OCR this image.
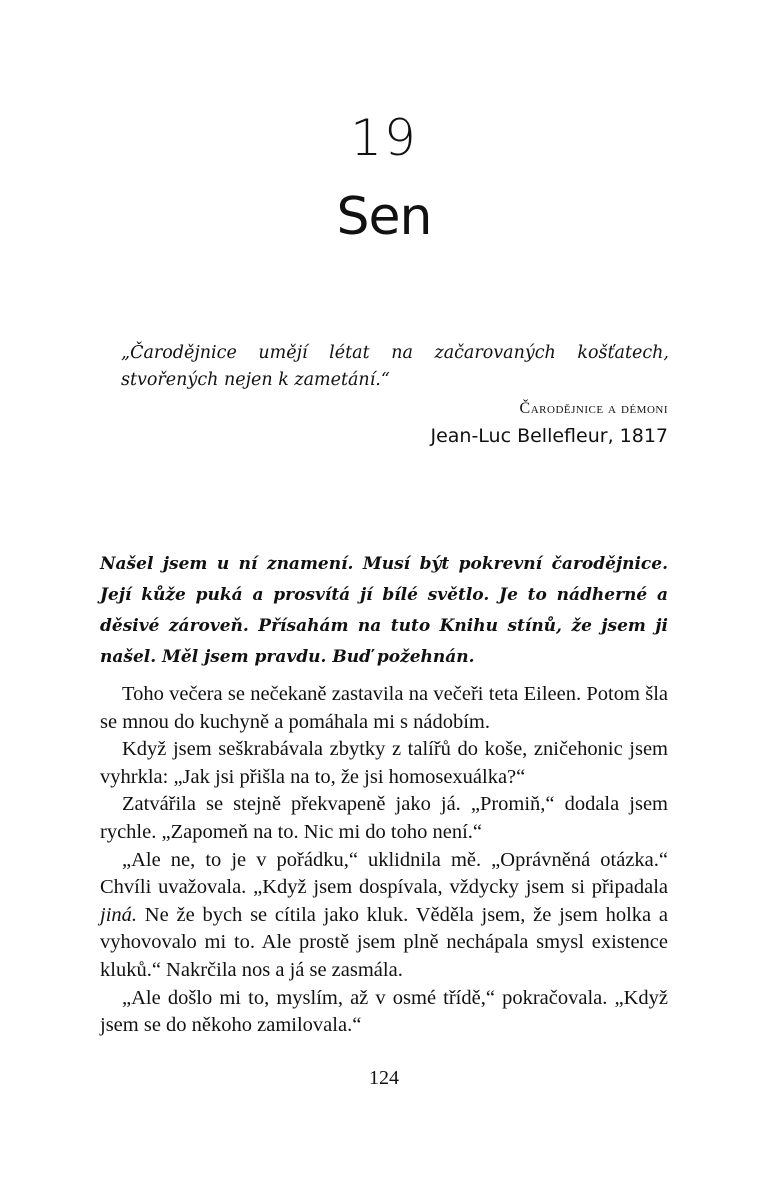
19
Sen
„Čarodějnice umějí létat na začarovaných košťatech, stvořených nejen k zametání.“
Čarodějnice a démoni
Jean-Luc Bellefleur, 1817

Našel jsem u ní znamení. Musí být pokrevní čarodějnice. Její kůže puká a prosvítá jí bílé světlo. Je to nádherné a děsivé zároveň. Přísahám na tuto Knihu stínů, že jsem ji našel. Měl jsem pravdu. Buď požehnán.

Toho večera se nečekaně zastavila na večeři teta Eileen. Potom šla se mnou do kuchyně a pomáhala mi s nádobím.

Když jsem seškrabávala zbytky z talířů do koše, zničehonic jsem vyhrkla: „Jak jsi přišla na to, že jsi homosexuálka?“

Zatvářila se stejně překvapeně jako já. „Promiň,“ dodala jsem rychle. „Zapomeň na to. Nic mi do toho není.“

„Ale ne, to je v pořádku,“ uklidnila mě. „Oprávněná otázka.“ Chvíli uvažovala. „Když jsem dospívala, vždycky jsem si připadala jiná. Ne že bych se cítila jako kluk. Věděla jsem, že jsem holka a vyhovovalo mi to. Ale prostě jsem plně nechápala smysl existence kluků.“ Nakrčila nos a já se zasmála.

„Ale došlo mi to, myslím, až v osmé třídě,“ pokračovala. „Když jsem se do někoho zamilovala.“

124
